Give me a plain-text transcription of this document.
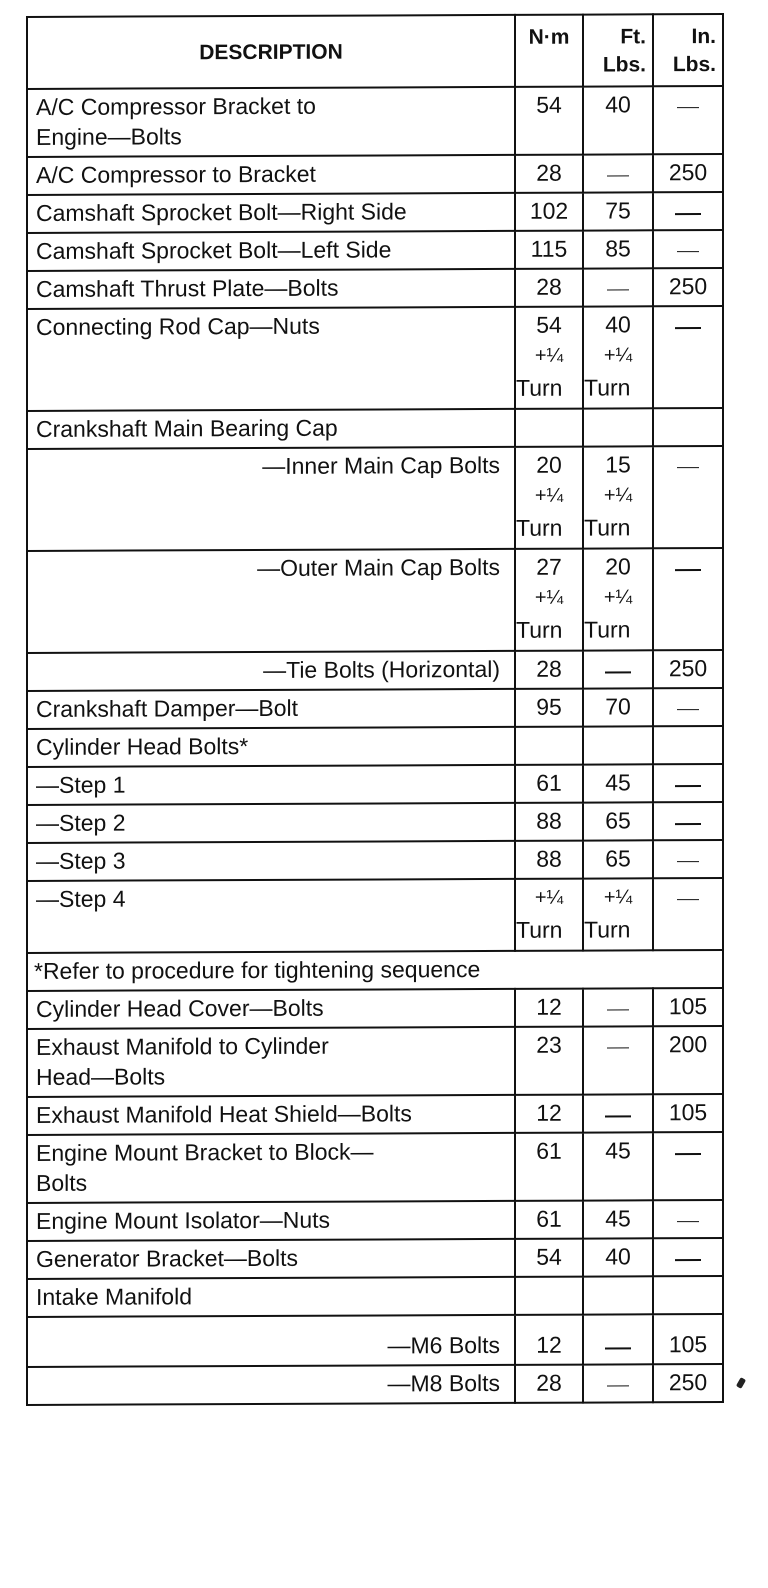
DESCRIPTION	N·m	Ft.
Lbs.	In.
Lbs.

A/C Compressor Bracket to
Engine—Bolts	54	40	
A/C Compressor to Bracket	28		250
Camshaft Sprocket Bolt—Right Side	102	75	
Camshaft Sprocket Bolt—Left Side	115	85	
Camshaft Thrust Plate—Bolts	28		250
Connecting Rod Cap—Nuts	54
+¼
Turn	40
+¼
Turn	

Crankshaft Main Bearing Cap			
—Inner Main Cap Bolts	20
+¼
Turn	15
+¼
Turn	

—Outer Main Cap Bolts	27
+¼
Turn	20
+¼
Turn	

—Tie Bolts (Horizontal)	28		250
Crankshaft Damper—Bolt	95	70	
Cylinder Head Bolts*			
—Step 1	61	45	
—Step 2	88	65	
—Step 3	88	65	
—Step 4	+¼
Turn	+¼
Turn	

*Refer to procedure for tightening sequence			
Cylinder Head Cover—Bolts	12		105
Exhaust Manifold to Cylinder
Head—Bolts	23		200
Exhaust Manifold Heat Shield—Bolts	12		105
Engine Mount Bracket to Block—
Bolts	61	45	
Engine Mount Isolator—Nuts	61	45	
Generator Bracket—Bolts	54	40	
Intake Manifold			
—M6 Bolts	12		105
—M8 Bolts	28		250
